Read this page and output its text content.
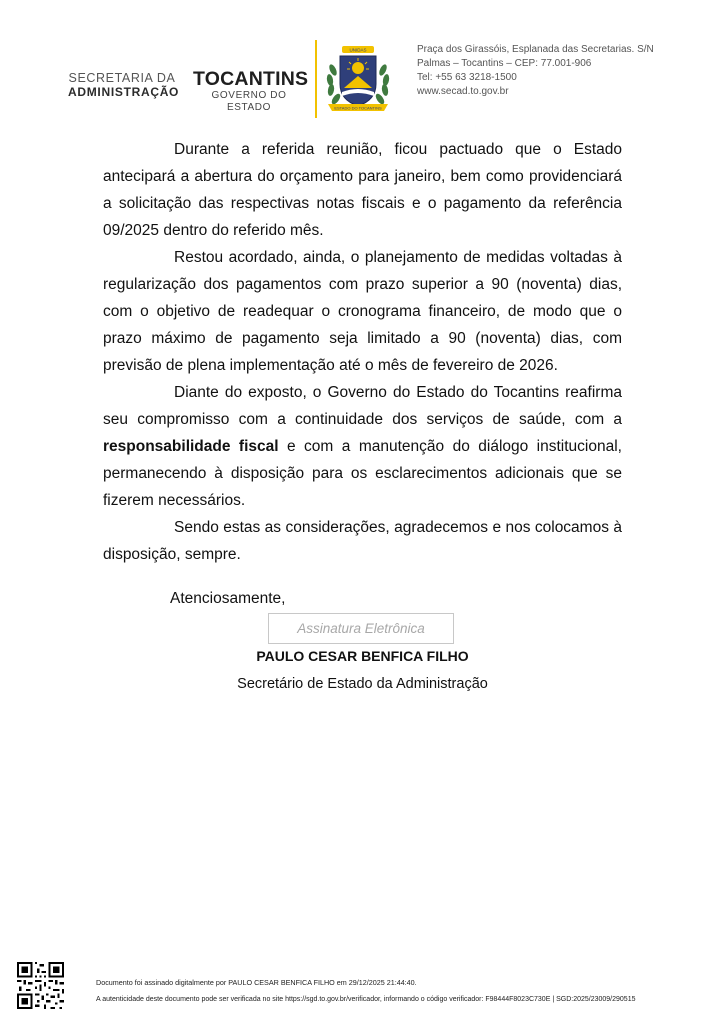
SECRETARIA DA
ADMINISTRAÇÃO
TOCANTINS
GOVERNO DO ESTADO
UNIDAS
ESTADO DO TOCANTINS
Praça dos Girassóis, Esplanada das Secretarias. S/N
Palmas – Tocantins – CEP: 77.001-906
Tel: +55 63 3218-1500
www.secad.to.gov.br

Durante a referida reunião, ficou pactuado que o Estado antecipará a abertura do orçamento para janeiro, bem como providenciará a solicitação das respectivas notas fiscais e o pagamento da referência 09/2025 dentro do referido mês.

Restou acordado, ainda, o planejamento de medidas voltadas à regularização dos pagamentos com prazo superior a 90 (noventa) dias, com o objetivo de readequar o cronograma financeiro, de modo que o prazo máximo de pagamento seja limitado a 90 (noventa) dias, com previsão de plena implementação até o mês de fevereiro de 2026.

Diante do exposto, o Governo do Estado do Tocantins reafirma seu compromisso com a continuidade dos serviços de saúde, com a responsabilidade fiscal e com a manutenção do diálogo institucional, permanecendo à disposição para os esclarecimentos adicionais que se fizerem necessários.

Sendo estas as considerações, agradecemos e nos colocamos à disposição, sempre.

Atenciosamente,
Assinatura Eletrônica
PAULO CESAR BENFICA FILHO
Secretário de Estado da Administração
Documento foi assinado digitalmente por PAULO CESAR BENFICA FILHO em 29/12/2025 21:44:40.
A autenticidade deste documento pode ser verificada no site https://sgd.to.gov.br/verificador, informando o código verificador: F98444F8023C730E | SGD:2025/23009/290515
